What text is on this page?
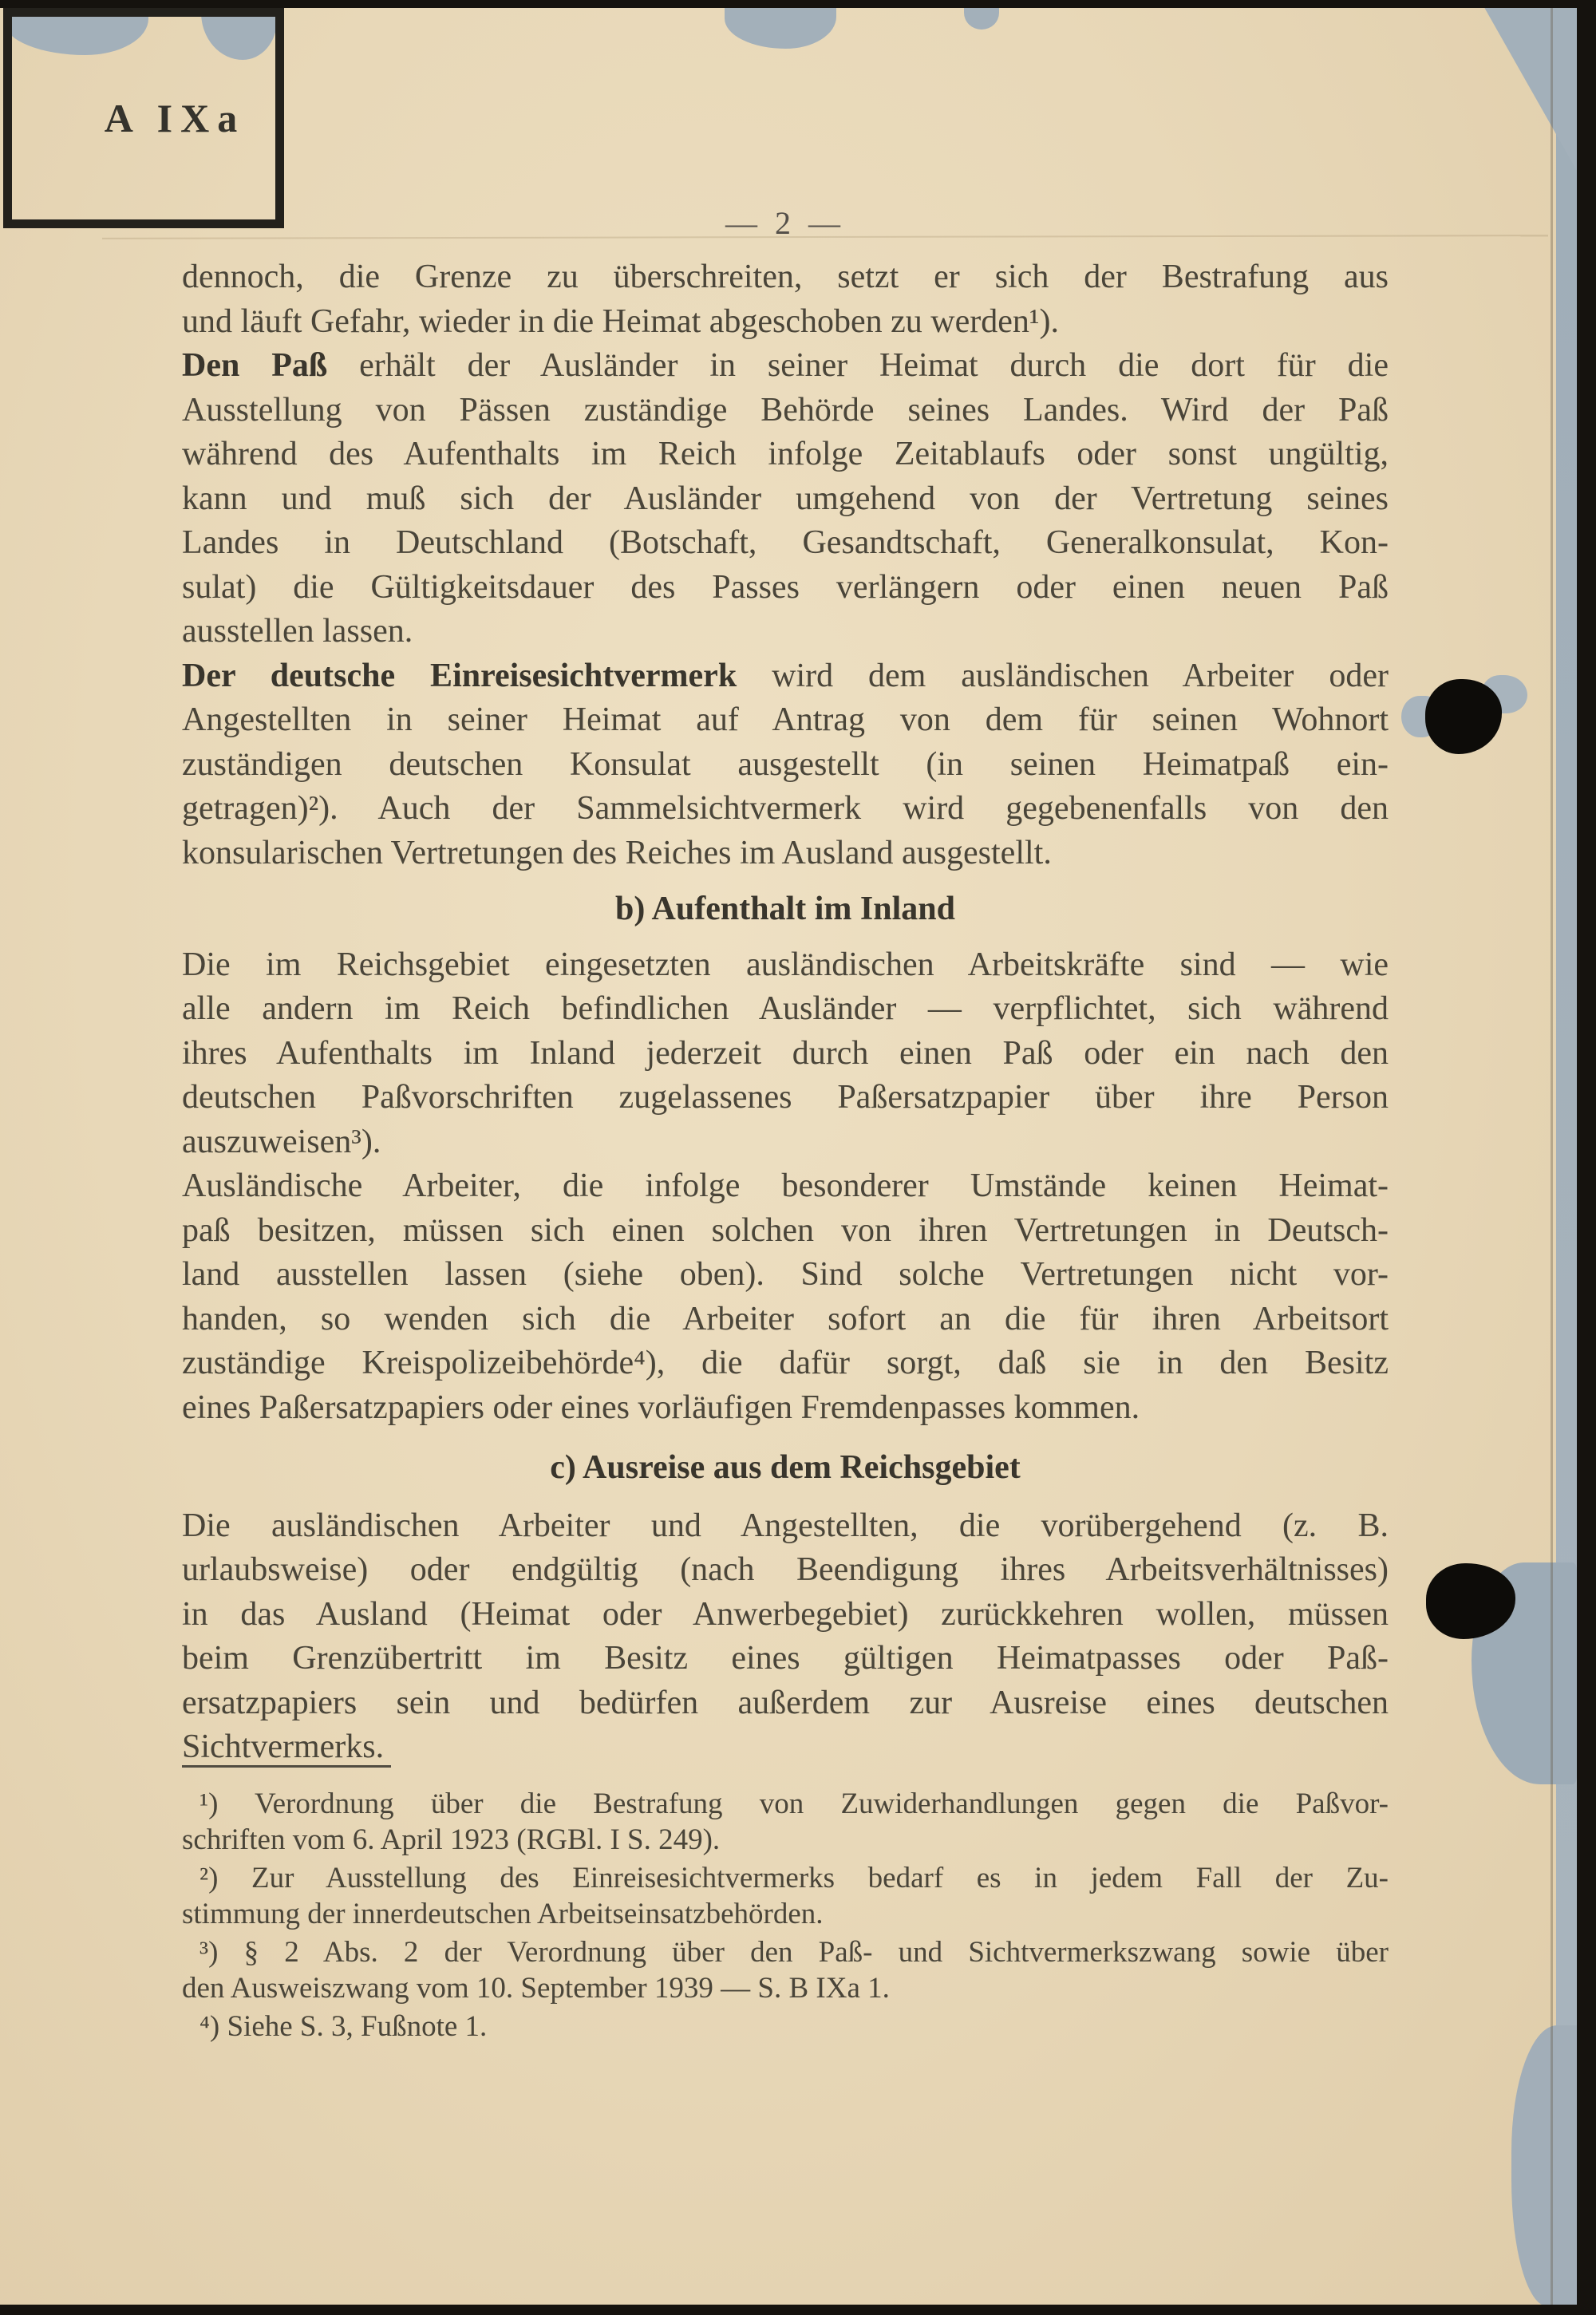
A IXa
— 2 —
dennoch, die Grenze zu überschreiten, setzt er sich der Bestrafung aus
und läuft Gefahr, wieder in die Heimat abgeschoben zu werden¹).
Den Paß erhält der Ausländer in seiner Heimat durch die dort für die
Ausstellung von Pässen zuständige Behörde seines Landes. Wird der Paß
während des Aufenthalts im Reich infolge Zeitablaufs oder sonst ungültig,
kann und muß sich der Ausländer umgehend von der Vertretung seines
Landes in Deutschland (Botschaft, Gesandtschaft, Generalkonsulat, Kon-
sulat) die Gültigkeitsdauer des Passes verlängern oder einen neuen Paß
ausstellen lassen.
Der deutsche Einreisesichtvermerk wird dem ausländischen Arbeiter oder
Angestellten in seiner Heimat auf Antrag von dem für seinen Wohnort
zuständigen deutschen Konsulat ausgestellt (in seinen Heimatpaß ein-
getragen)²). Auch der Sammelsichtvermerk wird gegebenenfalls von den
konsularischen Vertretungen des Reiches im Ausland ausgestellt.
b) Aufenthalt im Inland
Die im Reichsgebiet eingesetzten ausländischen Arbeitskräfte sind — wie
alle andern im Reich befindlichen Ausländer — verpflichtet, sich während
ihres Aufenthalts im Inland jederzeit durch einen Paß oder ein nach den
deutschen Paßvorschriften zugelassenes Paßersatzpapier über ihre Person
auszuweisen³).
Ausländische Arbeiter, die infolge besonderer Umstände keinen Heimat-
paß besitzen, müssen sich einen solchen von ihren Vertretungen in Deutsch-
land ausstellen lassen (siehe oben). Sind solche Vertretungen nicht vor-
handen, so wenden sich die Arbeiter sofort an die für ihren Arbeitsort
zuständige Kreispolizeibehörde⁴), die dafür sorgt, daß sie in den Besitz
eines Paßersatzpapiers oder eines vorläufigen Fremdenpasses kommen.
c) Ausreise aus dem Reichsgebiet
Die ausländischen Arbeiter und Angestellten, die vorübergehend (z. B.
urlaubsweise) oder endgültig (nach Beendigung ihres Arbeitsverhältnisses)
in das Ausland (Heimat oder Anwerbegebiet) zurückkehren wollen, müssen
beim Grenzübertritt im Besitz eines gültigen Heimatpasses oder Paß-
ersatzpapiers sein und bedürfen außerdem zur Ausreise eines deutschen
Sichtvermerks.
¹) Verordnung über die Bestrafung von Zuwiderhandlungen gegen die Paßvor-
schriften vom 6. April 1923 (RGBl. I S. 249).
²) Zur Ausstellung des Einreisesichtvermerks bedarf es in jedem Fall der Zu-
stimmung der innerdeutschen Arbeitseinsatzbehörden.
³) § 2 Abs. 2 der Verordnung über den Paß- und Sichtvermerkszwang sowie über
den Ausweiszwang vom 10. September 1939 — S. B IXa 1.
⁴) Siehe S. 3, Fußnote 1.
